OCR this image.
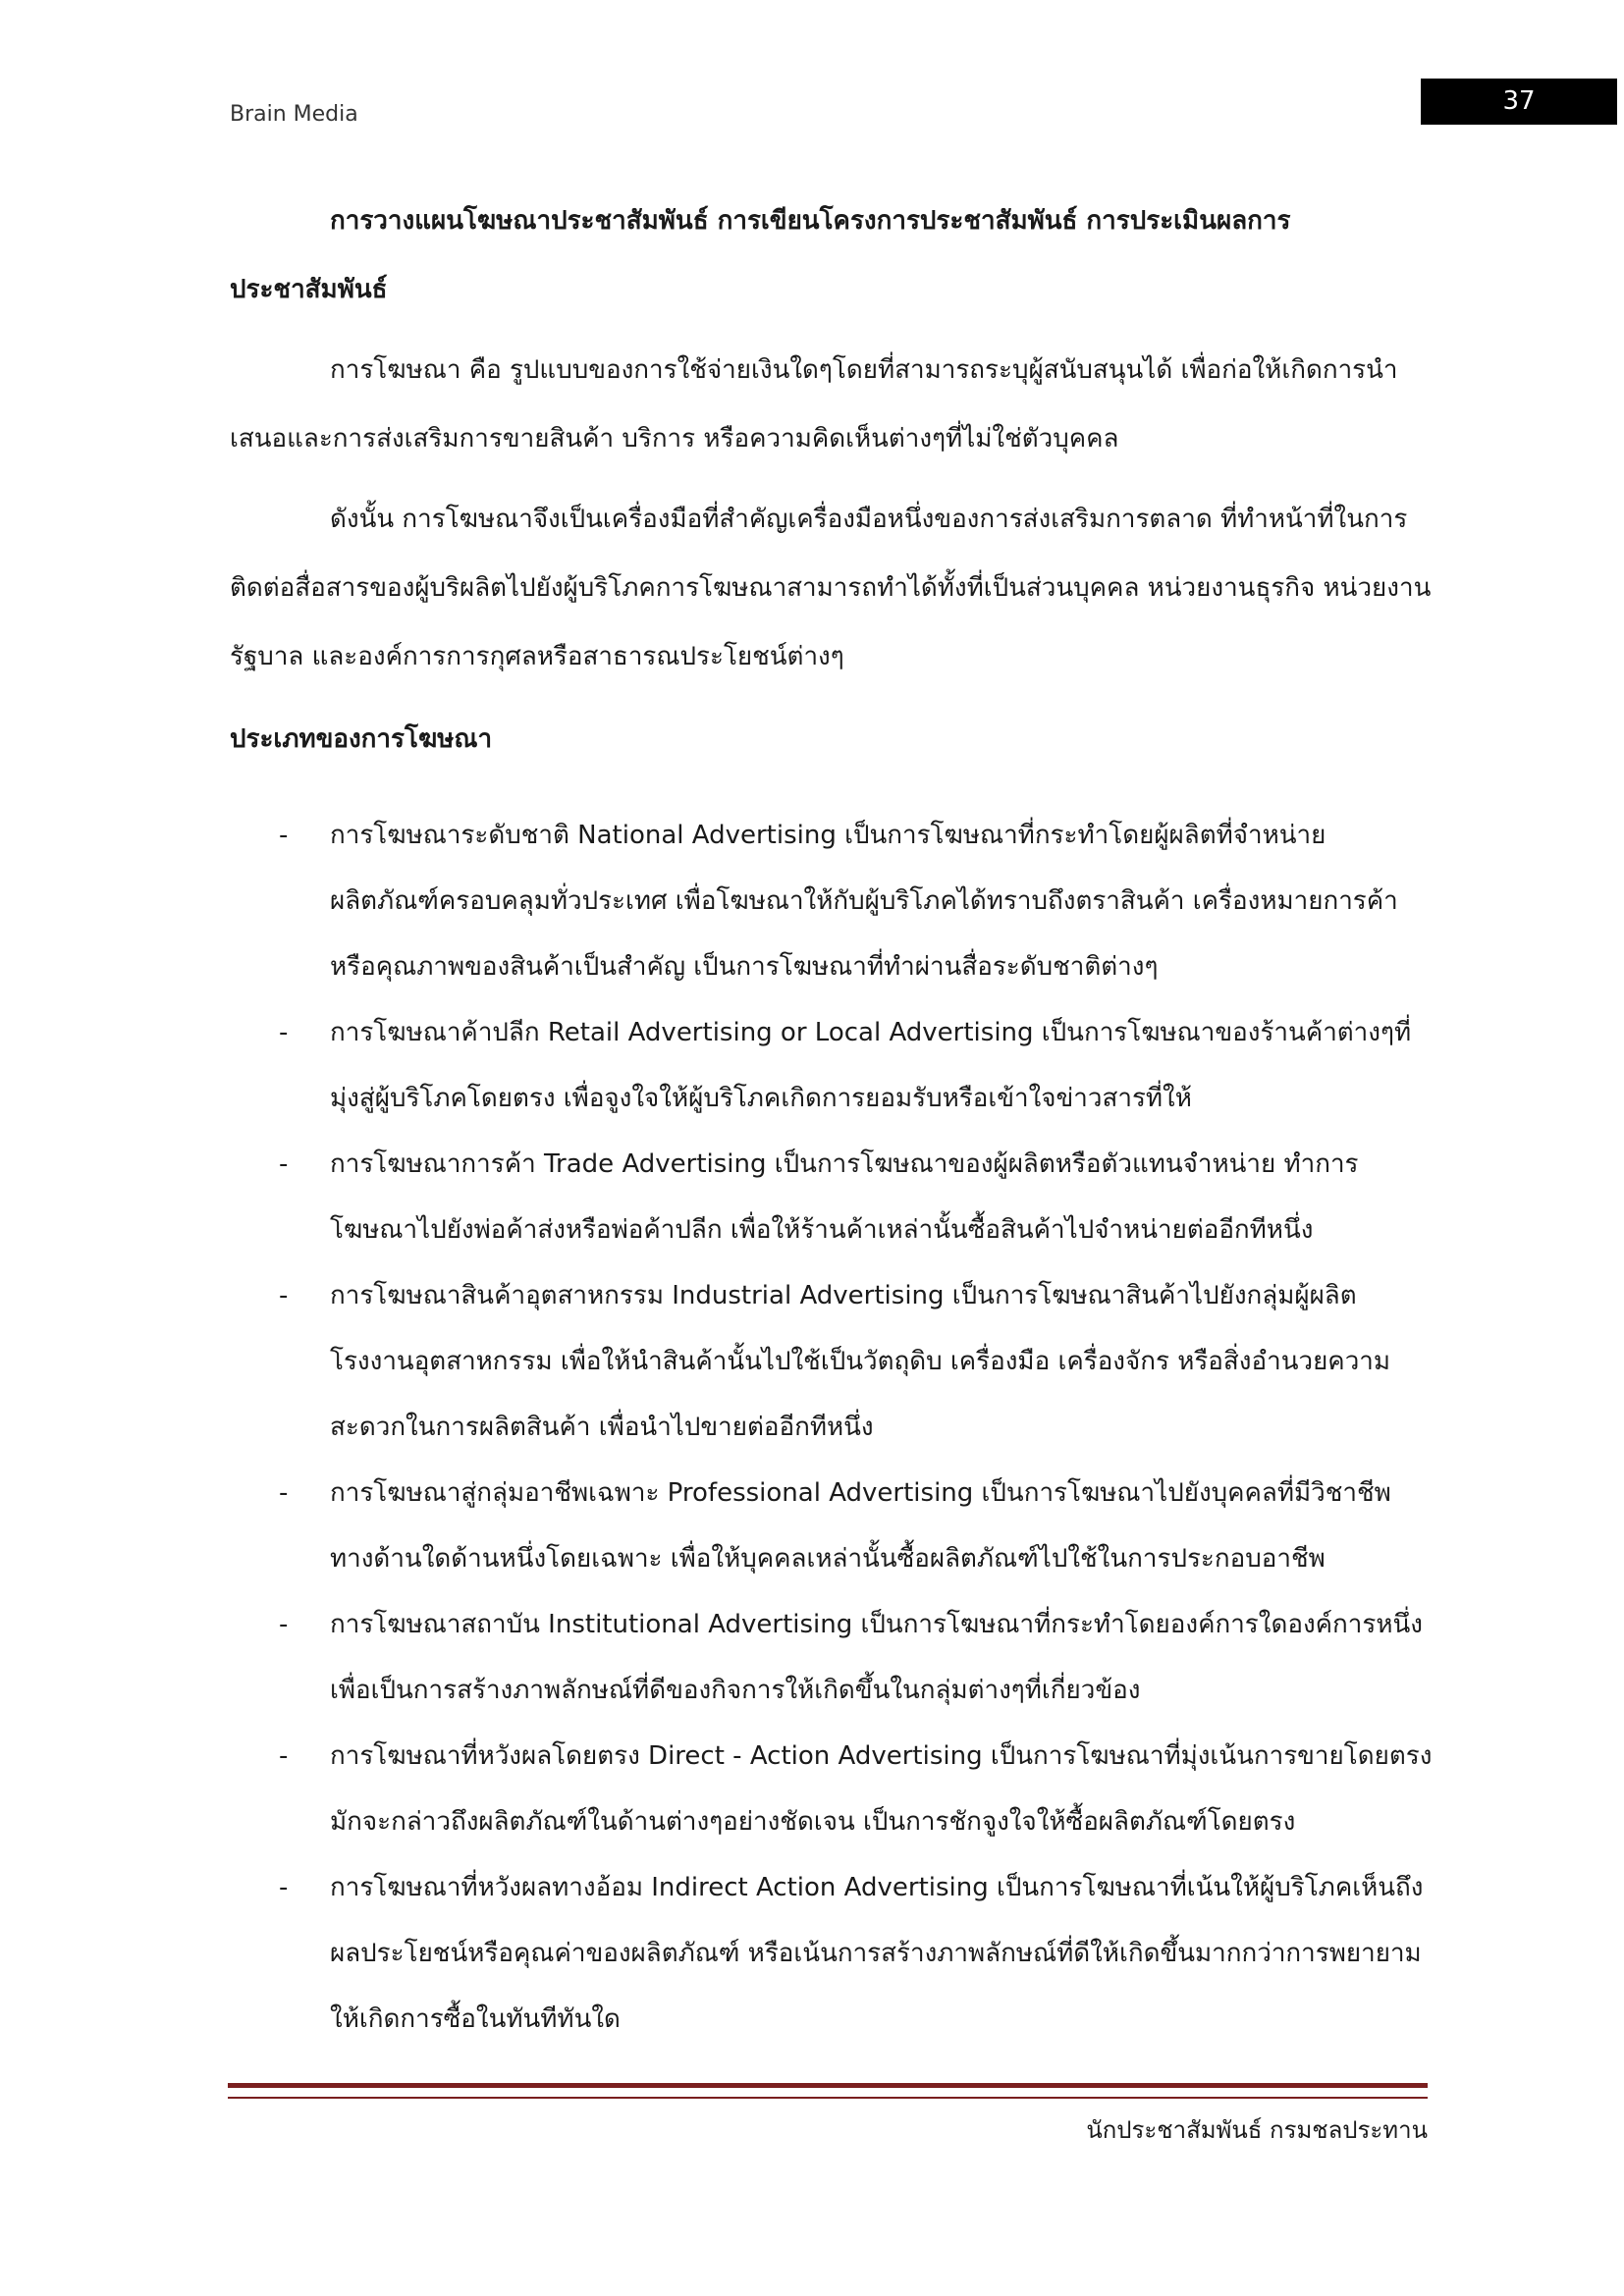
Brain Media	37

การวางแผนโฆษณาประชาสัมพันธ์ การเขียนโครงการประชาสัมพันธ์ การประเมินผลการ
ประชาสัมพันธ์

การโฆษณา คือ รูปแบบของการใช้จ่ายเงินใดๆโดยที่สามารถระบุผู้สนับสนุนได้ เพื่อก่อให้เกิดการนำเสนอและการส่งเสริมการขายสินค้า บริการ หรือความคิดเห็นต่างๆที่ไม่ใช่ตัวบุคคล

ดังนั้น การโฆษณาจึงเป็นเครื่องมือที่สำคัญเครื่องมือหนึ่งของการส่งเสริมการตลาด ที่ทำหน้าที่ในการติดต่อสื่อสารของผู้บริผลิตไปยังผู้บริโภคการโฆษณาสามารถทำได้ทั้งที่เป็นส่วนบุคคล หน่วยงานธุรกิจ หน่วยงานรัฐบาล และองค์การการกุศลหรือสาธารณประโยชน์ต่างๆ

ประเภทของการโฆษณา

- การโฆษณาระดับชาติ National Advertising เป็นการโฆษณาที่กระทำโดยผู้ผลิตที่จำหน่ายผลิตภัณฑ์ครอบคลุมทั่วประเทศ เพื่อโฆษณาให้กับผู้บริโภคได้ทราบถึงตราสินค้า เครื่องหมายการค้าหรือคุณภาพของสินค้าเป็นสำคัญ เป็นการโฆษณาที่ทำผ่านสื่อระดับชาติต่างๆ
- การโฆษณาค้าปลีก Retail Advertising or Local Advertising เป็นการโฆษณาของร้านค้าต่างๆที่มุ่งสู่ผู้บริโภคโดยตรง เพื่อจูงใจให้ผู้บริโภคเกิดการยอมรับหรือเข้าใจข่าวสารที่ให้
- การโฆษณาการค้า Trade Advertising เป็นการโฆษณาของผู้ผลิตหรือตัวแทนจำหน่าย ทำการโฆษณาไปยังพ่อค้าส่งหรือพ่อค้าปลีก เพื่อให้ร้านค้าเหล่านั้นซื้อสินค้าไปจำหน่ายต่ออีกทีหนึ่ง
- การโฆษณาสินค้าอุตสาหกรรม Industrial Advertising เป็นการโฆษณาสินค้าไปยังกลุ่มผู้ผลิตโรงงานอุตสาหกรรม เพื่อให้นำสินค้านั้นไปใช้เป็นวัตถุดิบ เครื่องมือ เครื่องจักร หรือสิ่งอำนวยความสะดวกในการผลิตสินค้า เพื่อนำไปขายต่ออีกทีหนึ่ง
- การโฆษณาสู่กลุ่มอาชีพเฉพาะ Professional Advertising เป็นการโฆษณาไปยังบุคคลที่มีวิชาชีพทางด้านใดด้านหนึ่งโดยเฉพาะ เพื่อให้บุคคลเหล่านั้นซื้อผลิตภัณฑ์ไปใช้ในการประกอบอาชีพ
- การโฆษณาสถาบัน Institutional Advertising เป็นการโฆษณาที่กระทำโดยองค์การใดองค์การหนึ่ง เพื่อเป็นการสร้างภาพลักษณ์ที่ดีของกิจการให้เกิดขึ้นในกลุ่มต่างๆที่เกี่ยวข้อง
- การโฆษณาที่หวังผลโดยตรง Direct - Action Advertising เป็นการโฆษณาที่มุ่งเน้นการขายโดยตรง มักจะกล่าวถึงผลิตภัณฑ์ในด้านต่างๆอย่างชัดเจน เป็นการชักจูงใจให้ซื้อผลิตภัณฑ์โดยตรง
- การโฆษณาที่หวังผลทางอ้อม Indirect Action Advertising เป็นการโฆษณาที่เน้นให้ผู้บริโภคเห็นถึงผลประโยชน์หรือคุณค่าของผลิตภัณฑ์ หรือเน้นการสร้างภาพลักษณ์ที่ดีให้เกิดขึ้นมากกว่าการพยายามให้เกิดการซื้อในทันทีทันใด
นักประชาสัมพันธ์ กรมชลประทาน
